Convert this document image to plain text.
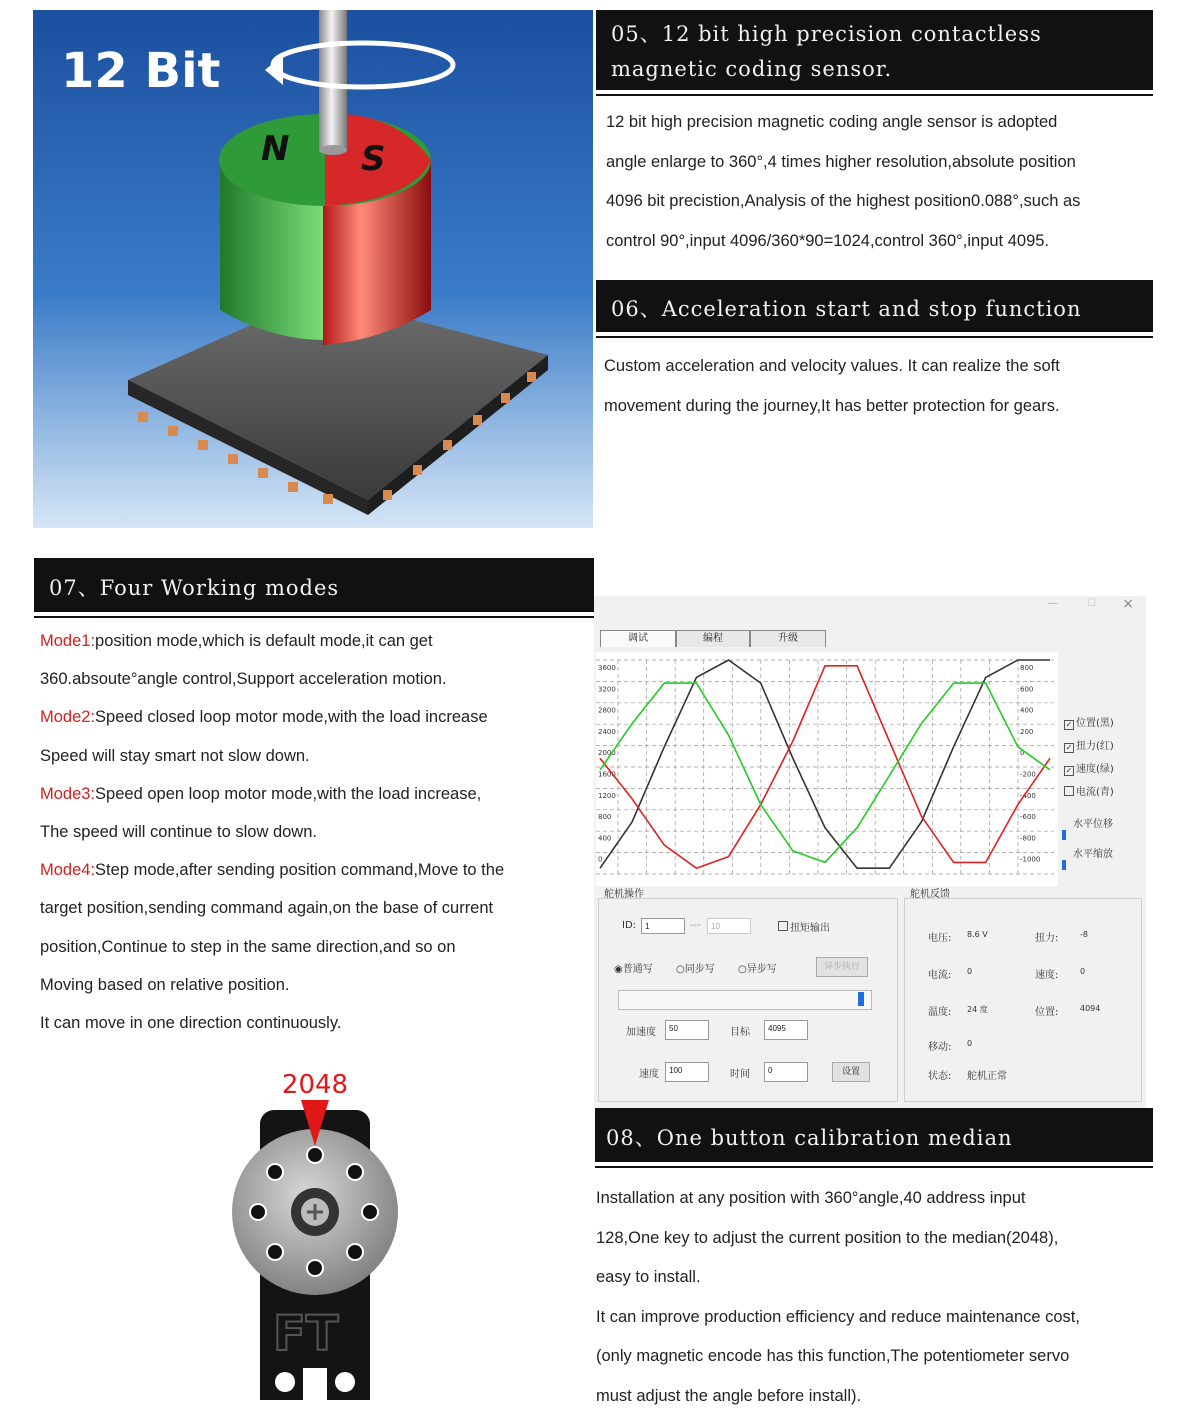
N S
12 Bit
05、12 bit high precision contactless
magnetic coding sensor.

12 bit high precision magnetic coding angle sensor is adopted

angle enlarge to 360°,4 times higher resolution,absolute position

4096 bit precistion,Analysis of the highest position0.088°,such as

control 90°,input 4096/360*90=1024,control 360°,input 4095.

06、Acceleration start and stop function

Custom acceleration and velocity values. It can realize the soft

movement during the journey,It has better protection for gears.

07、Four Working modes

Mode1:position mode,which is default mode,it can get

360.absoute°angle control,Support acceleration motion.

Mode2:Speed closed loop motor mode,with the load increase

Speed will stay smart not slow down.

Mode3:Speed open loop motor mode,with the load increase,

The speed will continue to slow down.

Mode4:Step mode,after sending position command,Move to the

target position,sending command again,on the base of current

position,Continue to step in the same direction,and so on

Moving based on relative position.

It can move in one direction continuously.

2048
FT
—	☐ ×
调试	编程	升级
3600
3200
2800
2400
2000
1600
1200
800
400
0
800
600
400
200
0
-200
-400
-600
-800
-1000
✓ 位置(黑)
✓ 扭力(红)
✓ 速度(绿)
电流(青)
水平位移
水平缩放
舵机操作
ID:	1	---	10	扭矩输出
◉普通写 ○同步写 ○异步写	异步执行
加速度	50	目标	4095
速度	100	时间	0	设置
舵机反馈
电压: 8.6 V	扭力:	-8
电流: 0	速度:	0
温度: 24 度	位置:	4094
移动: 0
状态: 舵机正常
08、One button calibration median

Installation at any position with 360°angle,40 address input

128,One key to adjust the current position to the median(2048),

easy to install.

It can improve production efficiency and reduce maintenance cost,

(only magnetic encode has this function,The potentiometer servo

must adjust the angle before install).
